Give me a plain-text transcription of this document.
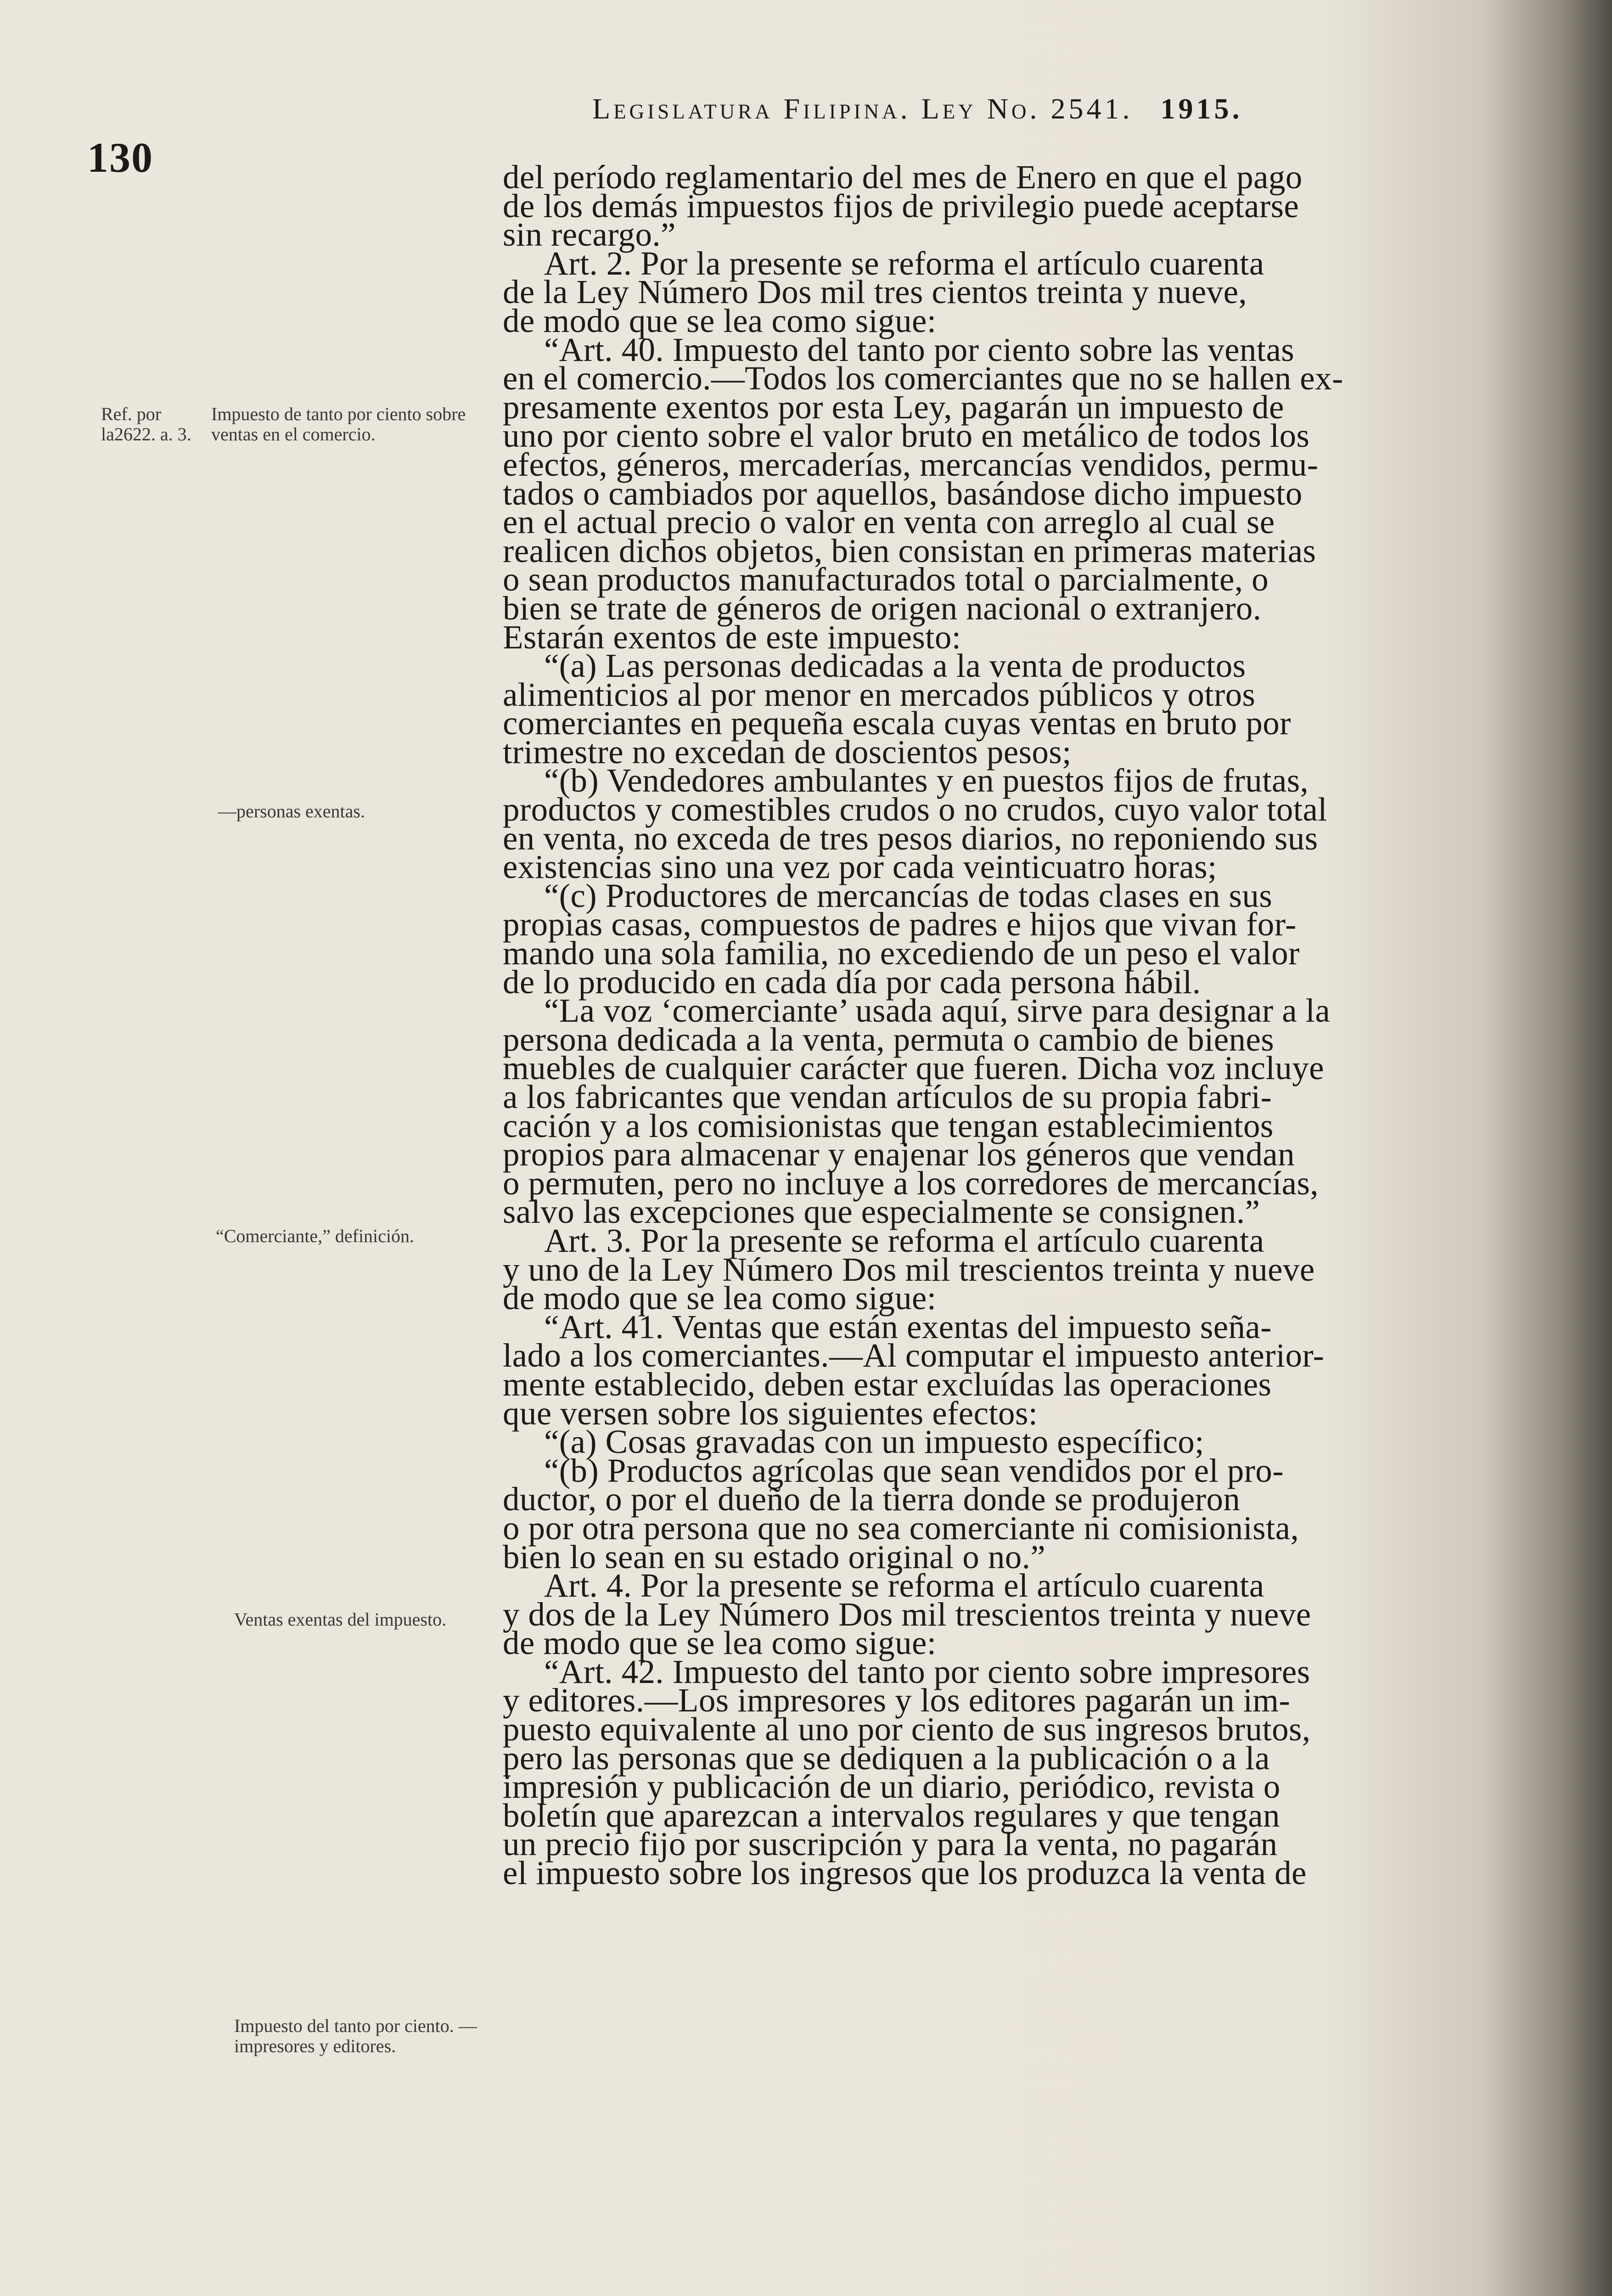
130
Legislatura Filipina. Ley No. 2541. 1915.
Ref. por la2622. a. 3.
Impuesto de tanto por ciento sobre ventas en el comercio.
—personas exentas.
“Comerciante,” definición.
Ventas exentas del impuesto.
Impuesto del tanto por ciento. —impresores y editores.

del período reglamentario del mes de Enero en que el pago

de los demás impuestos fijos de privilegio puede aceptarse

sin recargo.”

Art. 2. Por la presente se reforma el artículo cuarenta

de la Ley Número Dos mil tres cientos treinta y nueve,

de modo que se lea como sigue:

“Art. 40. Impuesto del tanto por ciento sobre las ventas

en el comercio.—Todos los comerciantes que no se hallen ex-

presamente exentos por esta Ley, pagarán un impuesto de

uno por ciento sobre el valor bruto en metálico de todos los

efectos, géneros, mercaderías, mercancías vendidos, permu-

tados o cambiados por aquellos, basándose dicho impuesto

en el actual precio o valor en venta con arreglo al cual se

realicen dichos objetos, bien consistan en primeras materias

o sean productos manufacturados total o parcialmente, o

bien se trate de géneros de origen nacional o extranjero.

Estarán exentos de este impuesto:

“(a) Las personas dedicadas a la venta de productos

alimenticios al por menor en mercados públicos y otros

comerciantes en pequeña escala cuyas ventas en bruto por

trimestre no excedan de doscientos pesos;

“(b) Vendedores ambulantes y en puestos fijos de frutas,

productos y comestibles crudos o no crudos, cuyo valor total

en venta, no exceda de tres pesos diarios, no reponiendo sus

existencias sino una vez por cada veinticuatro horas;

“(c) Productores de mercancías de todas clases en sus

propias casas, compuestos de padres e hijos que vivan for-

mando una sola familia, no excediendo de un peso el valor

de lo producido en cada día por cada persona hábil.

“La voz ‘comerciante’ usada aquí, sirve para designar a la

persona dedicada a la venta, permuta o cambio de bienes

muebles de cualquier carácter que fueren. Dicha voz incluye

a los fabricantes que vendan artículos de su propia fabri-

cación y a los comisionistas que tengan establecimientos

propios para almacenar y enajenar los géneros que vendan

o permuten, pero no incluye a los corredores de mercancías,

salvo las excepciones que especialmente se consignen.”

Art. 3. Por la presente se reforma el artículo cuarenta

y uno de la Ley Número Dos mil trescientos treinta y nueve

de modo que se lea como sigue:

“Art. 41. Ventas que están exentas del impuesto seña-

lado a los comerciantes.—Al computar el impuesto anterior-

mente establecido, deben estar excluídas las operaciones

que versen sobre los siguientes efectos:

“(a) Cosas gravadas con un impuesto específico;

“(b) Productos agrícolas que sean vendidos por el pro-

ductor, o por el dueño de la tierra donde se produjeron

o por otra persona que no sea comerciante ni comisionista,

bien lo sean en su estado original o no.”

Art. 4. Por la presente se reforma el artículo cuarenta

y dos de la Ley Número Dos mil trescientos treinta y nueve

de modo que se lea como sigue:

“Art. 42. Impuesto del tanto por ciento sobre impresores

y editores.—Los impresores y los editores pagarán un im-

puesto equivalente al uno por ciento de sus ingresos brutos,

pero las personas que se dediquen a la publicación o a la

impresión y publicación de un diario, periódico, revista o

boletín que aparezcan a intervalos regulares y que tengan

un precio fijo por suscripción y para la venta, no pagarán

el impuesto sobre los ingresos que los produzca la venta de
